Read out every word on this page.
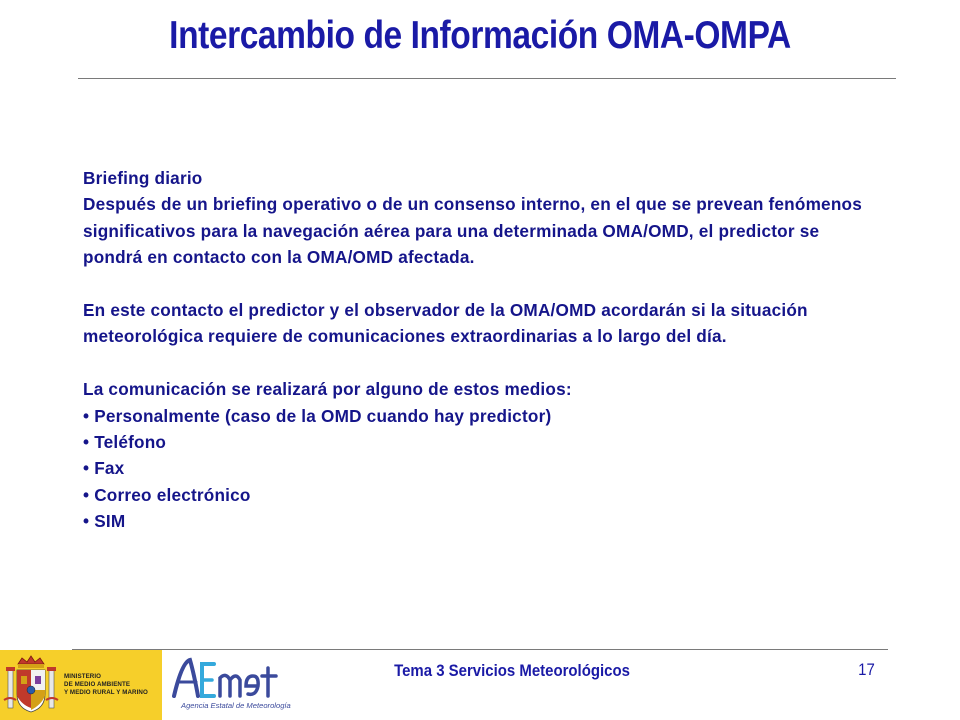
Intercambio de Información OMA-OMPA

Briefing diario

Después de un briefing operativo o de un consenso interno, en el que se prevean fenómenos significativos para la navegación aérea para una determinada OMA/OMD, el predictor se pondrá en contacto con la OMA/OMD afectada.

En este contacto el predictor y el observador de la OMA/OMD acordarán si la situación meteorológica requiere de comunicaciones extraordinarias a lo largo del día.

La comunicación se realizará por alguno de estos medios:

• Personalmente (caso de la OMD cuando hay predictor)

• Teléfono

• Fax

• Correo electrónico

• SIM

MINISTERIO
DE MEDIO AMBIENTE
Y MEDIO RURAL Y MARINO
Agencia Estatal de Meteorología
Tema 3 Servicios Meteorológicos	17
